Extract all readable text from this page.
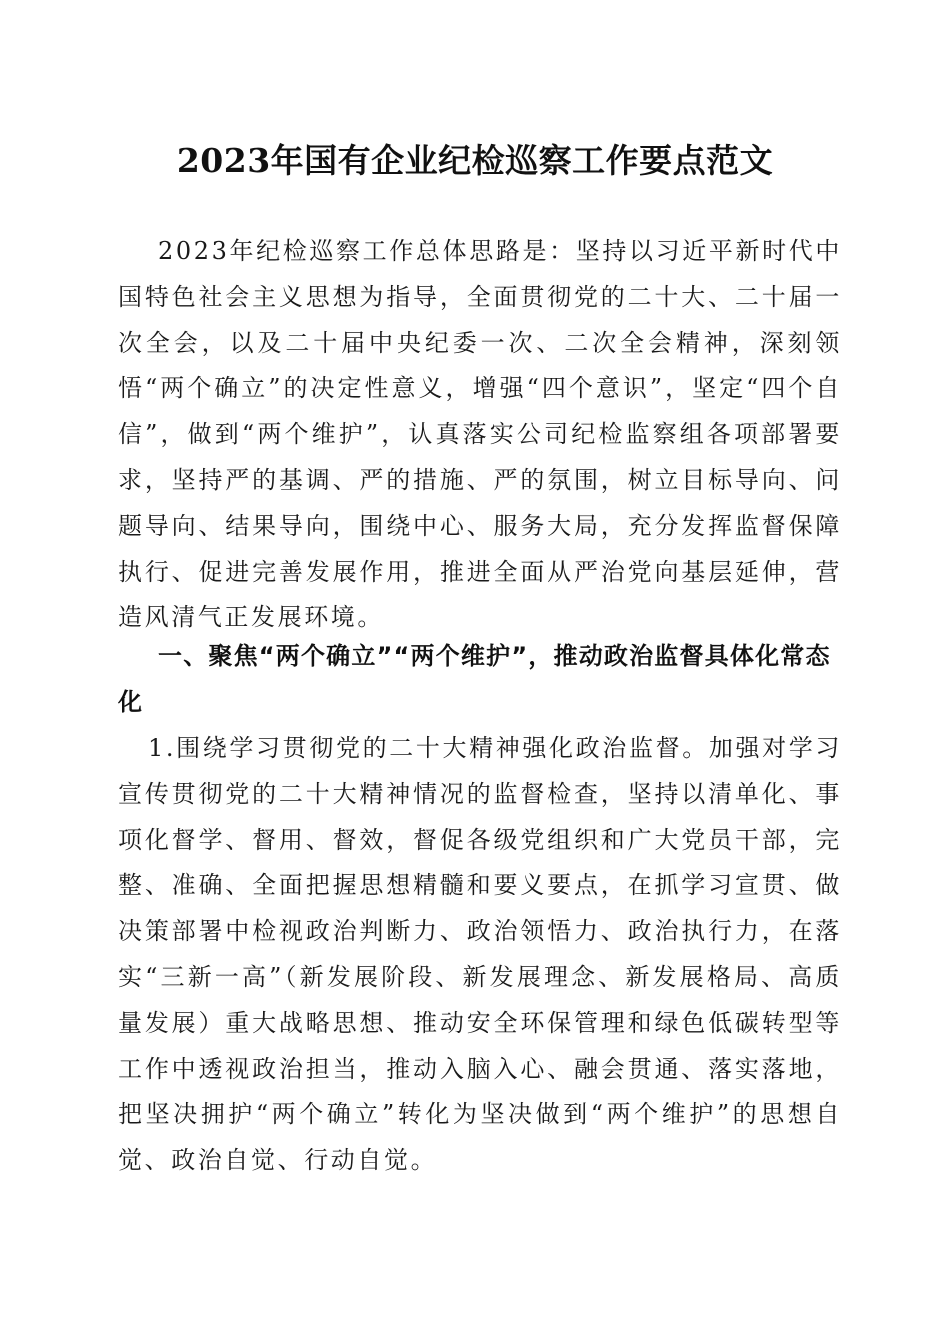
2023年国有企业纪检巡察工作要点范文
2023年纪检巡察工作总体思路是：坚持以习近平新时代中国特色社会主义思想为指导，全面贯彻党的二十大、二十届一次全会，以及二十届中央纪委一次、二次全会精神，深刻领悟“两个确立”的决定性意义，增强“四个意识”，坚定“四个自信”，做到“两个维护”，认真落实公司纪检监察组各项部署要求，坚持严的基调、严的措施、严的氛围，树立目标导向、问题导向、结果导向，围绕中心、服务大局，充分发挥监督保障执行、促进完善发展作用，推进全面从严治党向基层延伸，营造风清气正发展环境。
一、聚焦“两个确立”“两个维护”，推动政治监督具体化常态化
1.围绕学习贯彻党的二十大精神强化政治监督。加强对学习宣传贯彻党的二十大精神情况的监督检查，坚持以清单化、事项化督学、督用、督效，督促各级党组织和广大党员干部，完整、准确、全面把握思想精髓和要义要点，在抓学习宣贯、做决策部署中检视政治判断力、政治领悟力、政治执行力，在落实“三新一高”（新发展阶段、新发展理念、新发展格局、高质量发展）重大战略思想、推动安全环保管理和绿色低碳转型等工作中透视政治担当，推动入脑入心、融会贯通、落实落地，把坚决拥护“两个确立”转化为坚决做到“两个维护”的思想自觉、政治自觉、行动自觉。
